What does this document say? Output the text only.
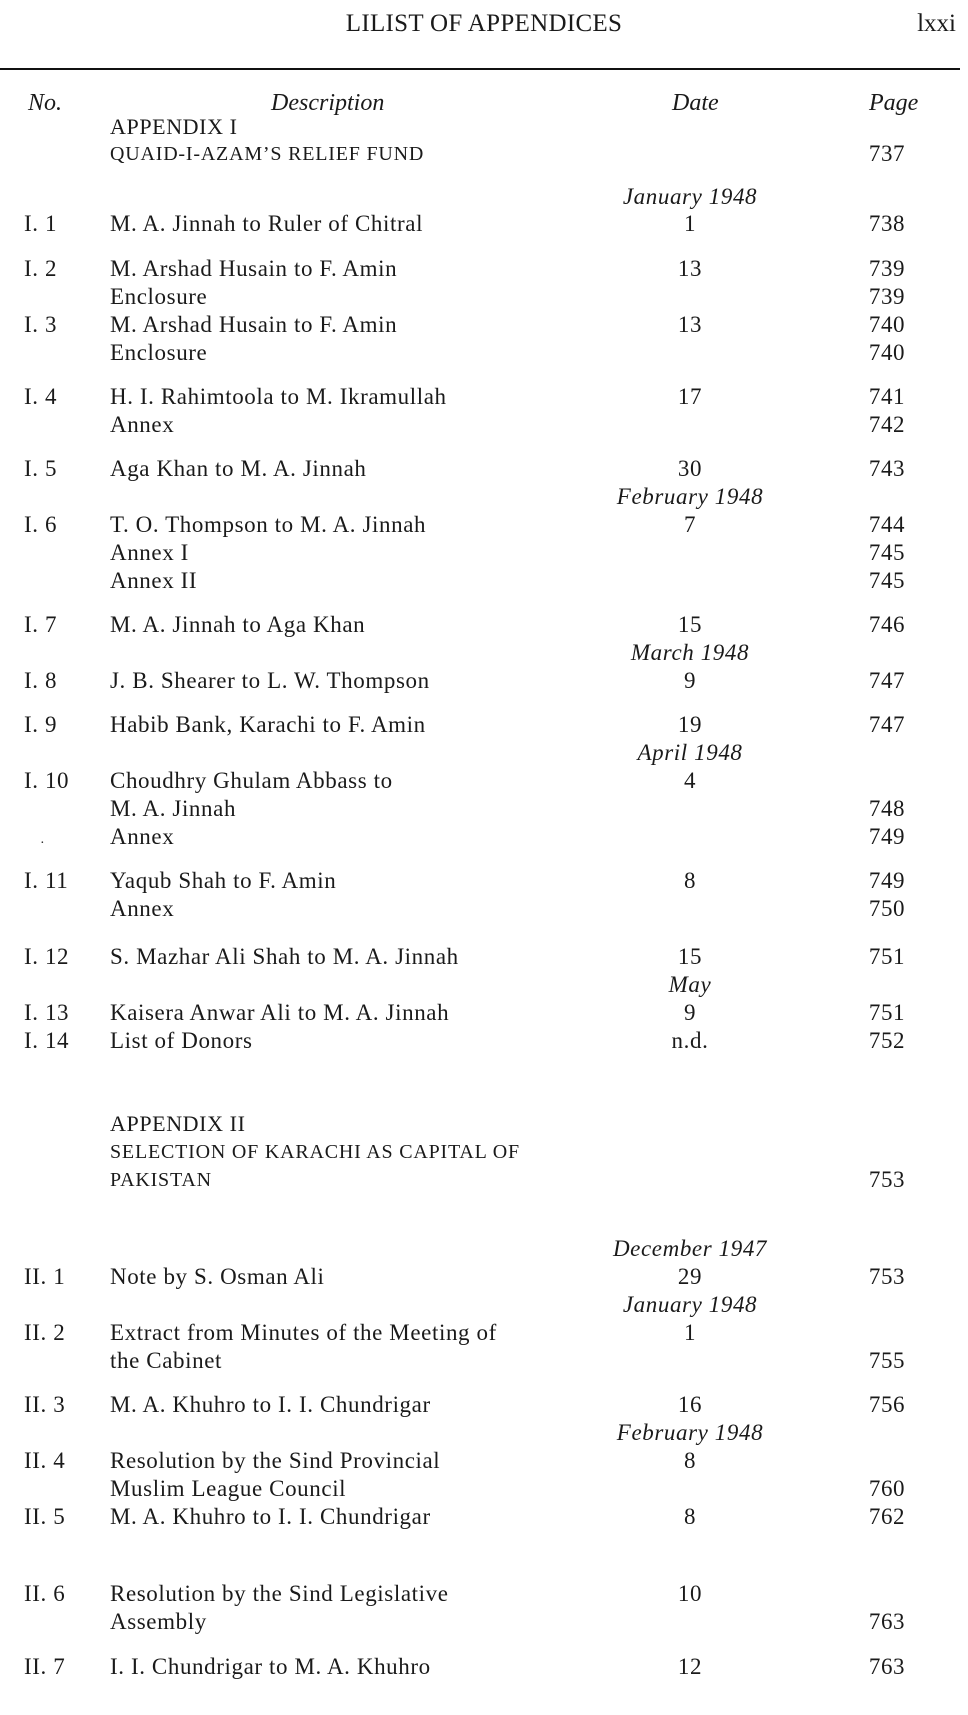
LILIST OF APPENDICES	lxxi
No.	Description	Date	Page
APPENDIX I
QUAID-I-AZAM’S RELIEF FUND	737
January 1948
I. 1 M. A. Jinnah to Ruler of Chitral	1	738
I. 2 M. Arshad Husain to F. Amin	13	739
Enclosure	739
I. 3 M. Arshad Husain to F. Amin	13	740
Enclosure	740
I. 4 H. I. Rahimtoola to M. Ikramullah	17	741
Annex	742
I. 5 Aga Khan to M. A. Jinnah	30	743
February 1948
I. 6 T. O. Thompson to M. A. Jinnah	7	744
Annex I	745
Annex II	745
I. 7 M. A. Jinnah to Aga Khan	15	746
March 1948
I. 8 J. B. Shearer to L. W. Thompson	9	747
I. 9 Habib Bank, Karachi to F. Amin	19	747
April 1948
I. 10 Choudhry Ghulam Abbass to	4
M. A. Jinnah	748
Annex	749
I. 11 Yaqub Shah to F. Amin	8	749
Annex	750
I. 12 S. Mazhar Ali Shah to M. A. Jinnah	15	751
May
I. 13 Kaisera Anwar Ali to M. A. Jinnah	9	751
I. 14 List of Donors	n.d.	752
APPENDIX II
SELECTION OF KARACHI AS CAPITAL OF
PAKISTAN	753
December 1947
II. 1 Note by S. Osman Ali	29	753
January 1948
II. 2 Extract from Minutes of the Meeting of	1
the Cabinet	755
II. 3 M. A. Khuhro to I. I. Chundrigar	16	756
February 1948
II. 4 Resolution by the Sind Provincial	8
Muslim League Council	760
II. 5 M. A. Khuhro to I. I. Chundrigar	8	762
II. 6 Resolution by the Sind Legislative	10
Assembly	763
II. 7 I. I. Chundrigar to M. A. Khuhro	12	763
·
